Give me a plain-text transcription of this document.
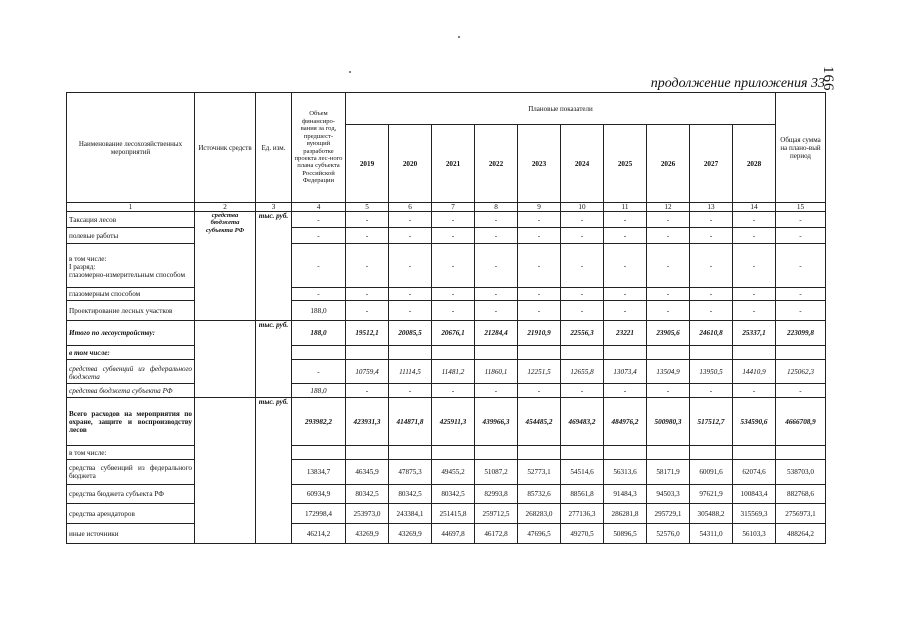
166
продолжение приложения 33
Наименование лесохозяйственных мероприятий	Источник средств	Ед. изм.	Объем финансиро-вания за год, предшест-вующий разработке проекта лес-ного плана субъекта Российской Федерации	Плановые показатели										Общая сумма на плано-вый период
				2019	2020	2021	2022	2023	2024	2025	2026	2027	2028	
1	2	3	4	5	6	7	8	9	10	11	12	13	14	15
Таксация лесов	средства бюджета субъекта РФ	тыс. руб.	-	-	-	-	-	-	-	-	-	-	-	-
полевые работы			-	-	-	-	-	-	-	-	-	-	-	-
в том числе:
I разряд:
глазомерно-измерительным способом			-	-	-	-	-	-	-	-	-	-	-	-
глазомерным способом			-	-	-	-	-	-	-	-	-	-	-	-
Проектирование лесных участков			188,0	-	-	-	-	-	-	-	-	-	-	-
Итого по лесоустройству:		тыс. руб.	188,0	19512,1	20085,5	20676,1	21284,4	21910,9	22556,3	23221	23905,6	24610,8	25337,1	223099,8
в том числе:														
средства субвенций из федерального бюджета			-	10759,4	11114,5	11481,2	11860,1	12251,5	12655,8	13073,4	13504,9	13950,5	14410,9	125062,3
средства бюджета субъекта РФ			188,0	-	-	-	-	-	-	-	-	-	-	-
Всего расходов на мероприятия по охране, защите и воспроизводству лесов		тыс. руб.	293982,2	423931,3	414871,8	425911,3	439966,3	454485,2	469483,2	484976,2	500980,3	517512,7	534590,6	4666708,9
в том числе:														
средства субвенций из федерального бюджета			13834,7	46345,9	47875,3	49455,2	51087,2	52773,1	54514,6	56313,6	58171,9	60091,6	62074,6	538703,0
средства бюджета субъекта РФ			60934,9	80342,5	80342,5	80342,5	82993,8	85732,6	88561,8	91484,3	94503,3	97621,9	100843,4	882768,6
средства арендаторов			172998,4	253973,0	243384,1	251415,8	259712,5	268283,0	277136,3	286281,8	295729,1	305488,2	315569,3	2756973,1
иные источники			46214,2	43269,9	43269,9	44697,8	46172,8	47696,5	49270,5	50896,5	52576,0	54311,0	56103,3	488264,2
